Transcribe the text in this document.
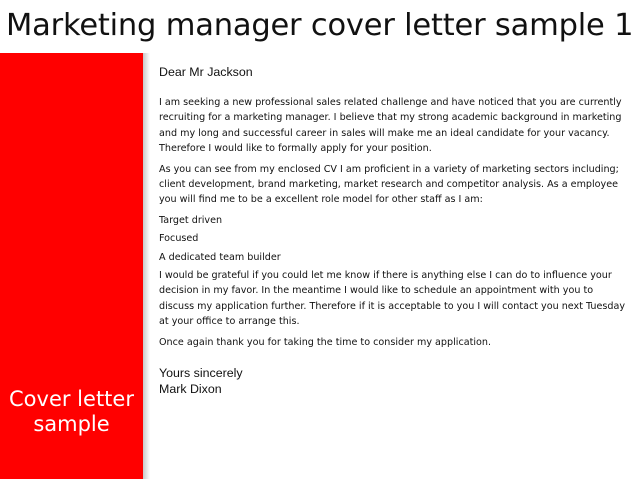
Marketing manager cover letter sample 1
Cover letter
sample

Dear Mr Jackson

I am seeking a new professional sales related challenge and have noticed that you are currently recruiting for a marketing manager. I believe that my strong academic background in marketing and my long and successful career in sales will make me an ideal candidate for your vacancy. Therefore I would like to formally apply for your position.

As you can see from my enclosed CV I am proficient in a variety of marketing sectors including; client development, brand marketing, market research and competitor analysis. As a employee you will find me to be a excellent role model for other staff as I am:

Target driven

Focused

A dedicated team builder

I would be grateful if you could let me know if there is anything else I can do to influence your decision in my favor. In the meantime I would like to schedule an appointment with you to discuss my application further. Therefore if it is acceptable to you I will contact you next Tuesday at your office to arrange this.

Once again thank you for taking the time to consider my application.

Yours sincerely

Mark Dixon
